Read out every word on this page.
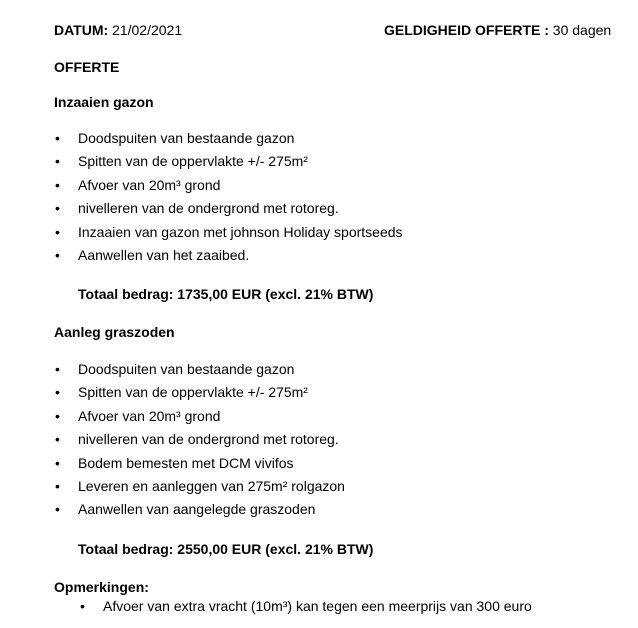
DATUM: 21/02/2021	GELDIGHEID OFFERTE : 30 dagen
OFFERTE
Inzaaien gazon
• Doodspuiten van bestaande gazon
• Spitten van de oppervlakte +/- 275m²
• Afvoer van 20m³ grond
• nivelleren van de ondergrond met rotoreg.
• Inzaaien van gazon met johnson Holiday sportseeds
• Aanwellen van het zaaibed.
Totaal bedrag: 1735,00 EUR (excl. 21% BTW)
Aanleg graszoden
• Doodspuiten van bestaande gazon
• Spitten van de oppervlakte +/- 275m²
• Afvoer van 20m³ grond
• nivelleren van de ondergrond met rotoreg.
• Bodem bemesten met DCM vivifos
• Leveren en aanleggen van 275m² rolgazon
• Aanwellen van aangelegde graszoden
Totaal bedrag: 2550,00 EUR (excl. 21% BTW)
Opmerkingen:
• Afvoer van extra vracht (10m³) kan tegen een meerprijs van 300 euro
